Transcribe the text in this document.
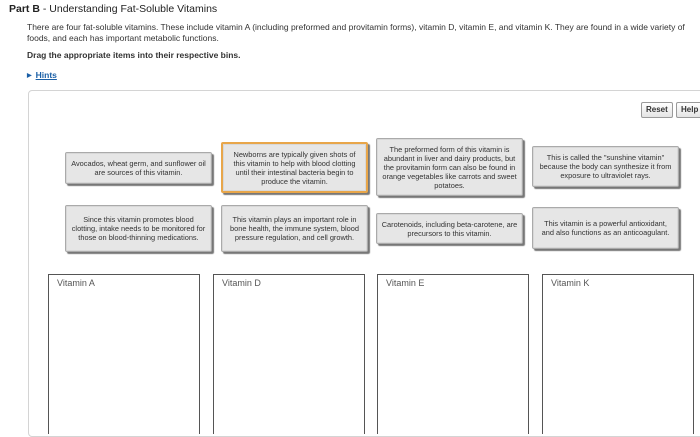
Part B - Understanding Fat-Soluble Vitamins
There are four fat-soluble vitamins. These include vitamin A (including preformed and provitamin forms), vitamin D, vitamin E, and vitamin K. They are found in a wide variety of foods, and each has important metabolic functions.
Drag the appropriate items into their respective bins.
▶ Hints
Reset	Help
Avocados, wheat germ, and sunflower oil are sources of this vitamin.
Newborns are typically given shots of this vitamin to help with blood clotting until their intestinal bacteria begin to produce the vitamin.
The preformed form of this vitamin is abundant in liver and dairy products, but the provitamin form can also be found in orange vegetables like carrots and sweet potatoes.
This is called the "sunshine vitamin" because the body can synthesize it from exposure to ultraviolet rays.
Since this vitamin promotes blood clotting, intake needs to be monitored for those on blood-thinning medications.
This vitamin plays an important role in bone health, the immune system, blood pressure regulation, and cell growth.
Carotenoids, including beta-carotene, are precursors to this vitamin.
This vitamin is a powerful antioxidant, and also functions as an anticoagulant.
Vitamin A	Vitamin D	Vitamin E	Vitamin K
